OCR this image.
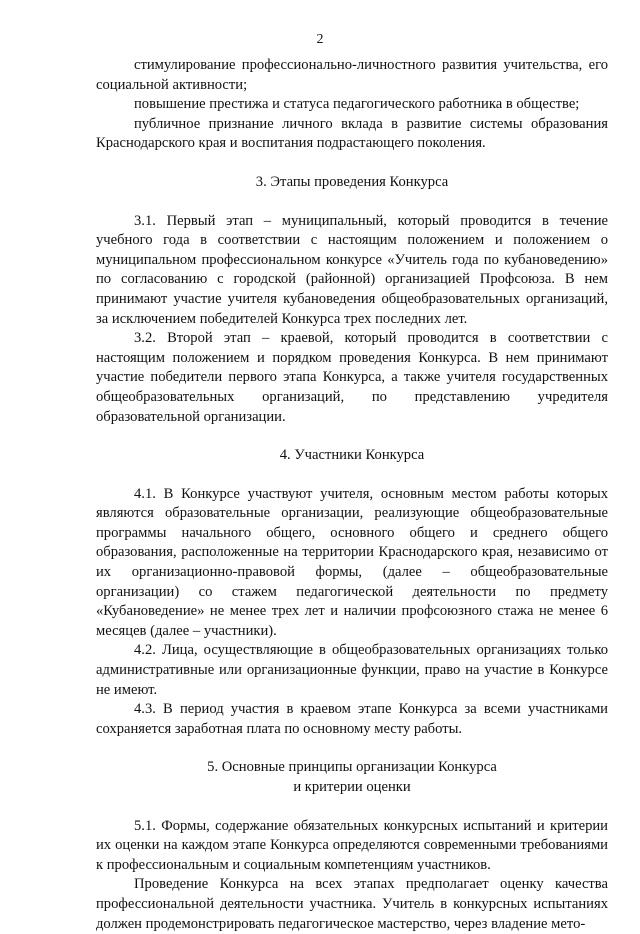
2

стимулирование профессионально-личностного развития учительства, его социальной активности;

повышение престижа и статуса педагогического работника в обществе;

публичное признание личного вклада в развитие системы образования Краснодарского края и воспитания подрастающего поколения.

3. Этапы проведения Конкурса

3.1. Первый этап – муниципальный, который проводится в течение учебного года в соответствии с настоящим положением и положением о муниципальном профессиональном конкурсе «Учитель года по кубановедению» по согласованию с городской (районной) организацией Профсоюза. В нем принимают участие учителя кубановедения общеобразовательных организаций, за исключением победителей Конкурса трех последних лет.

3.2. Второй этап – краевой, который проводится в соответствии с настоящим положением и порядком проведения Конкурса. В нем принимают участие победители первого этапа Конкурса, а также учителя государственных общеобразовательных организаций, по представлению учредителя образовательной организации.

4. Участники Конкурса

4.1. В Конкурсе участвуют учителя, основным местом работы которых являются образовательные организации, реализующие общеобразовательные программы начального общего, основного общего и среднего общего образования, расположенные на территории Краснодарского края, независимо от их организационно-правовой формы, (далее – общеобразовательные организации) со стажем педагогической деятельности по предмету «Кубановедение» не менее трех лет и наличии профсоюзного стажа не менее 6 месяцев (далее – участники).

4.2. Лица, осуществляющие в общеобразовательных организациях только административные или организационные функции, право на участие в Конкурсе не имеют.

4.3. В период участия в краевом этапе Конкурса за всеми участниками сохраняется заработная плата по основному месту работы.

5. Основные принципы организации Конкурса

и критерии оценки

5.1. Формы, содержание обязательных конкурсных испытаний и критерии их оценки на каждом этапе Конкурса определяются современными требованиями к профессиональным и социальным компетенциям участников.

Проведение Конкурса на всех этапах предполагает оценку качества профессиональной деятельности участника. Учитель в конкурсных испытаниях должен продемонстрировать педагогическое мастерство, через владение мето-
